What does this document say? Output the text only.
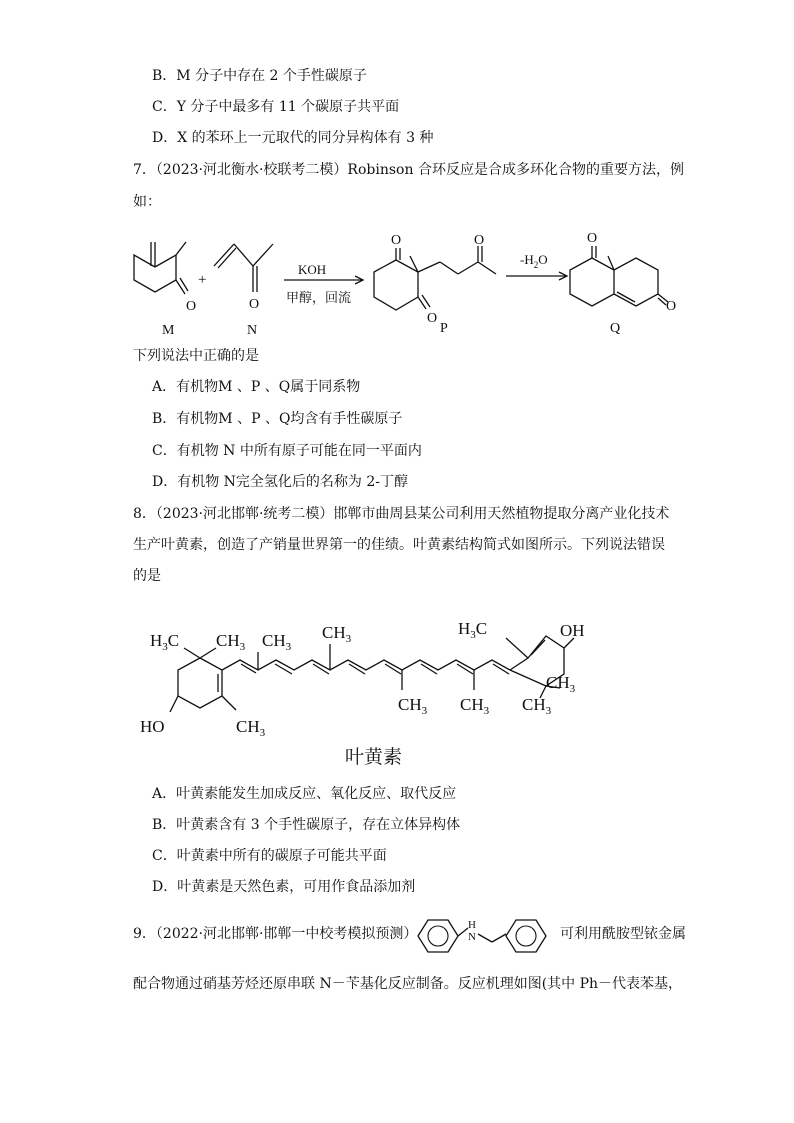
B．M 分子中存在 2 个手性碳原子
C．Y 分子中最多有 11 个碳原子共平面
D．X 的苯环上一元取代的同分异构体有 3 种
7．（2023·河北衡水·校联考二模）Robinson 合环反应是合成多环化合物的重要方法，例
如：
O
M
+
O
N
KOH
甲醇，回流
O
O
O
P
$-H_2O$
O
O
Q
下列说法中正确的是
A．有机物M 、P 、Q属于同系物
B．有机物M 、P 、Q均含有手性碳原子
C．有机物 N 中所有原子可能在同一平面内
D．有机物 N完全氢化后的名称为 2-丁醇
8．（2023·河北邯郸·统考二模）邯郸市曲周县某公司利用天然植物提取分离产业化技术
生产叶黄素，创造了产销量世界第一的佳绩。叶黄素结构简式如图所示。下列说法错误
的是
$H_3C$ $CH_3$
HO	$CH_3$
$CH_3$
$CH_3$
$CH_3$ $CH_3$
$H_3C$	OH
$CH_3$
$CH_3$
叶黄素
A．叶黄素能发生加成反应、氧化反应、取代反应
B．叶黄素含有 3 个手性碳原子，存在立体异构体
C．叶黄素中所有的碳原子可能共平面
D．叶黄素是天然色素，可用作食品添加剂
9．（2022·河北邯郸·邯郸一中校考模拟预测）
H
N	可利用酰胺型铱金属
配合物通过硝基芳烃还原串联 N－苄基化反应制备。反应机理如图(其中 Ph－代表苯基，
